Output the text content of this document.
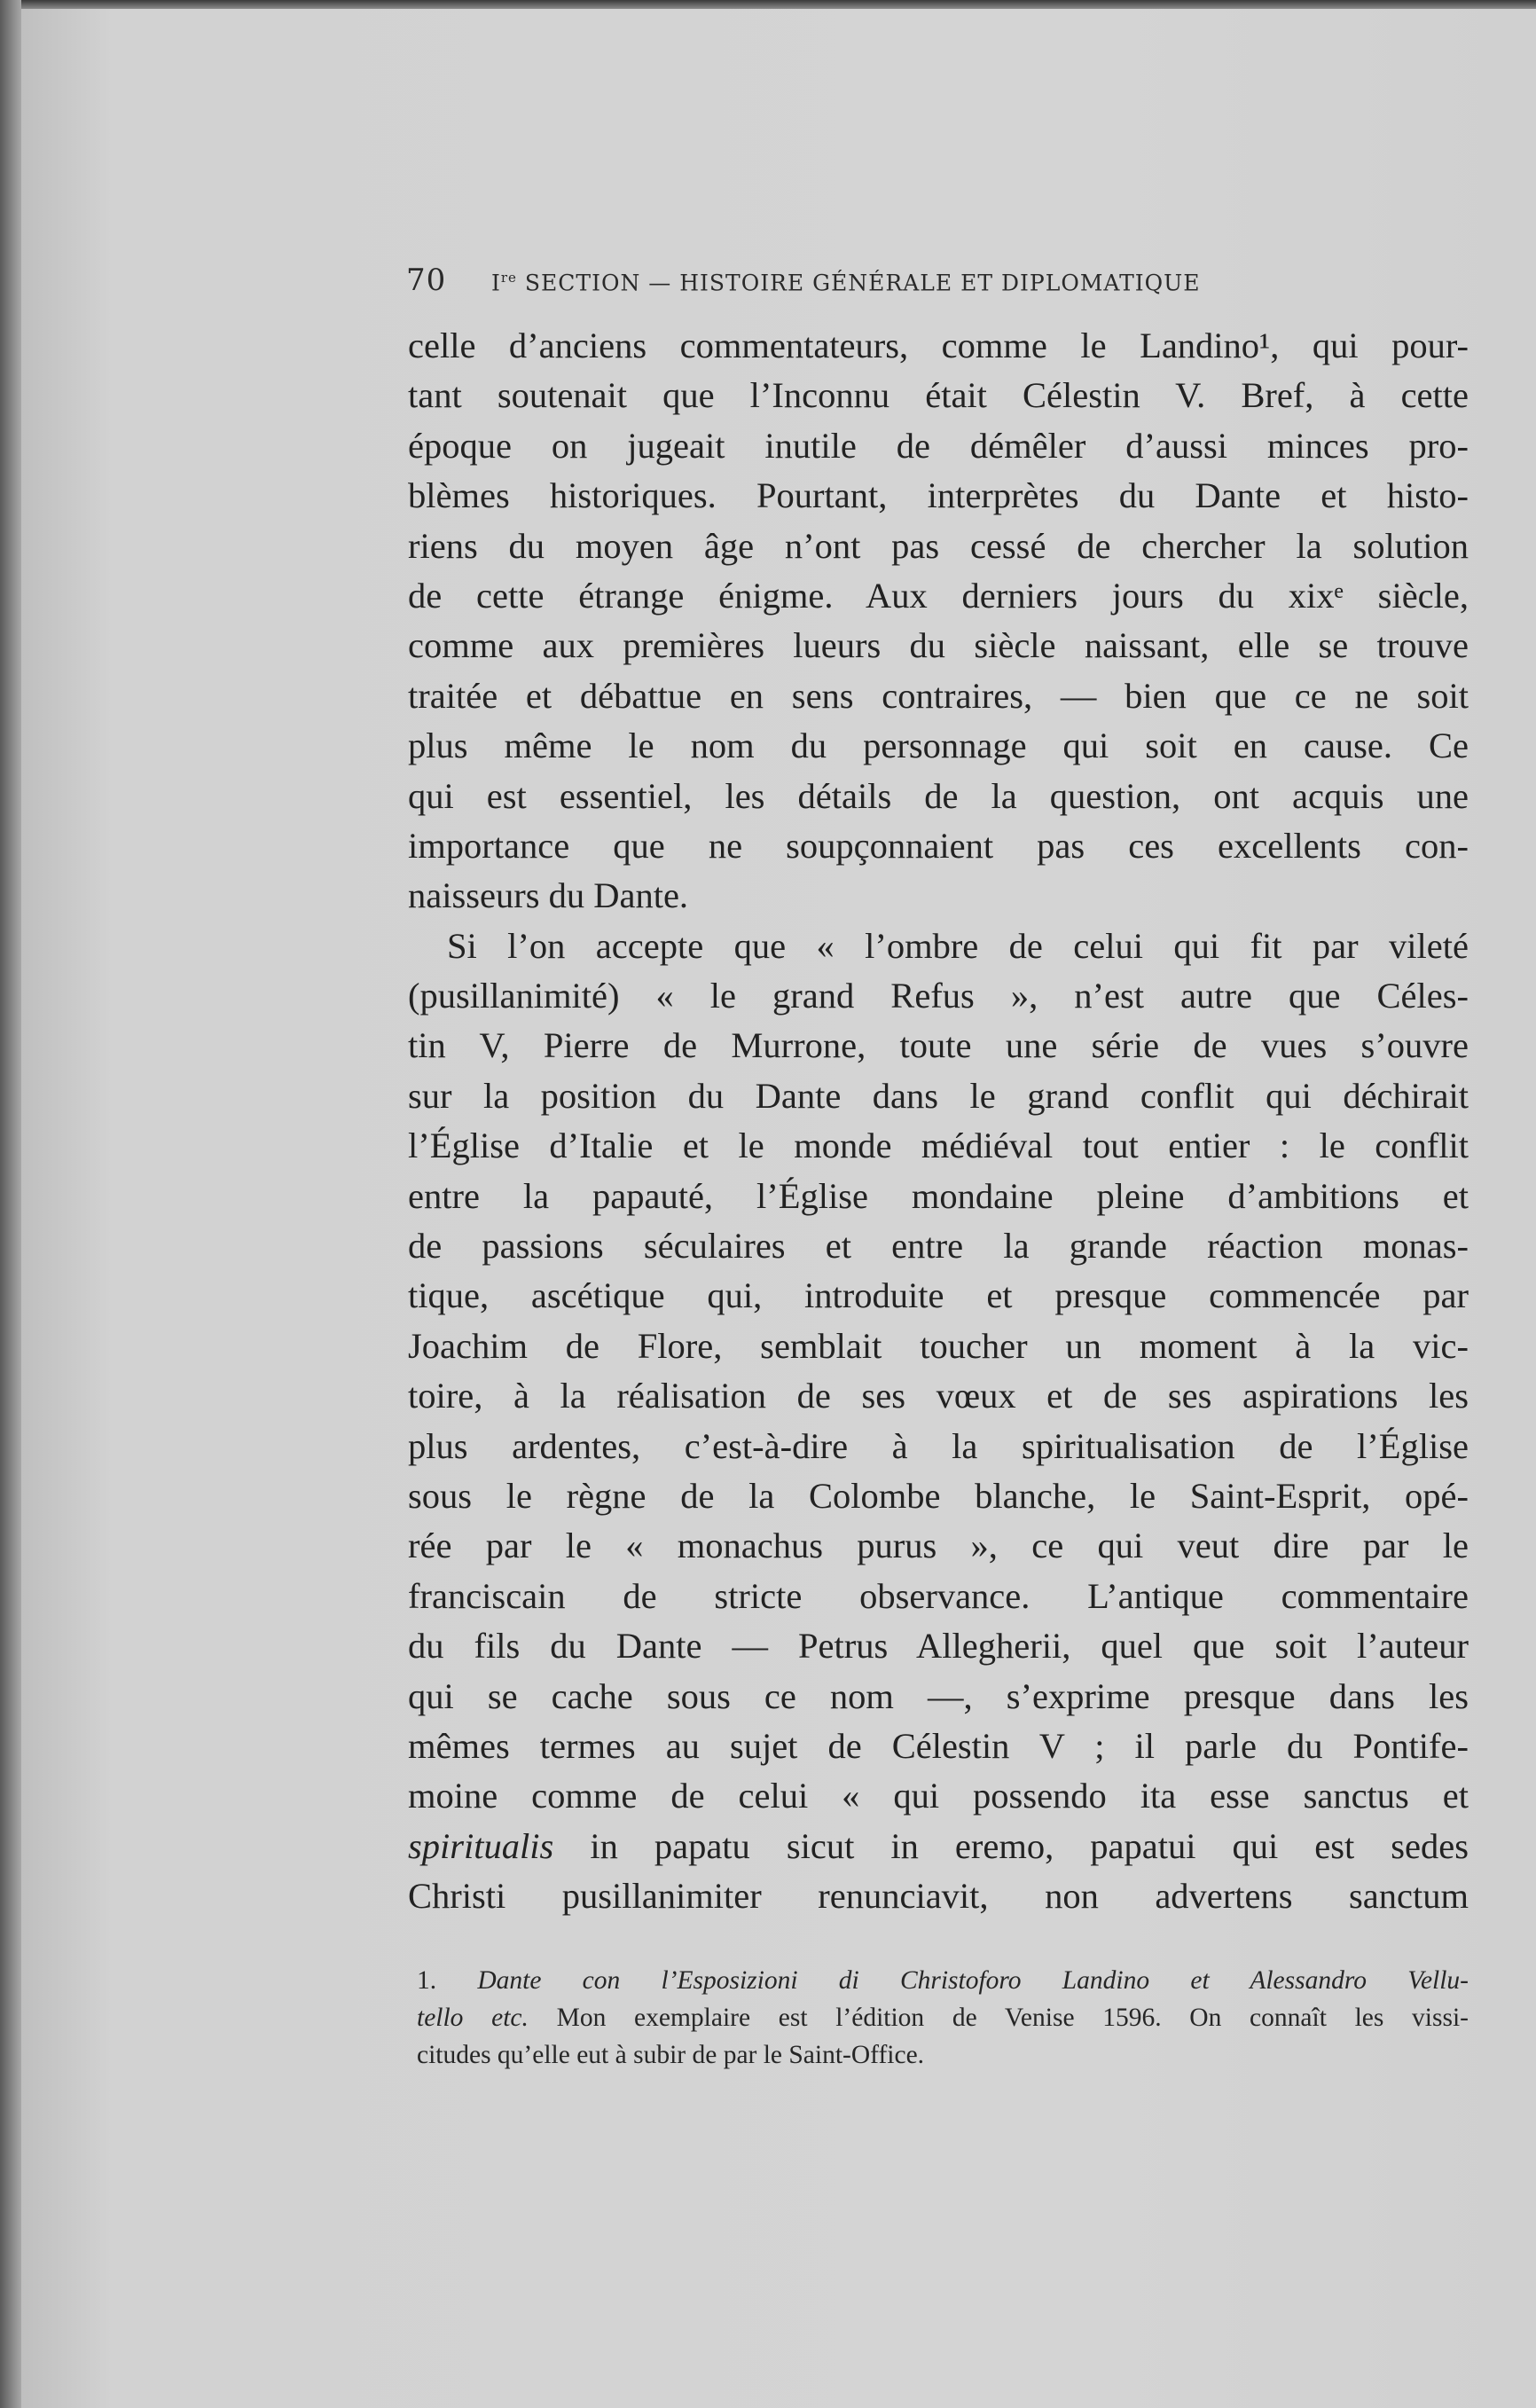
70	Ire SECTION — HISTOIRE GÉNÉRALE ET DIPLOMATIQUE
celle d’anciens commentateurs, comme le Landino¹, qui pour-
tant soutenait que l’Inconnu était Célestin V. Bref, à cette
époque on jugeait inutile de démêler d’aussi minces pro-
blèmes historiques. Pourtant, interprètes du Dante et histo-
riens du moyen âge n’ont pas cessé de chercher la solution
de cette étrange énigme. Aux derniers jours du xixᵉ siècle,
comme aux premières lueurs du siècle naissant, elle se trouve
traitée et débattue en sens contraires, — bien que ce ne soit
plus même le nom du personnage qui soit en cause. Ce
qui est essentiel, les détails de la question, ont acquis une
importance que ne soupçonnaient pas ces excellents con-
naisseurs du Dante.
Si l’on accepte que « l’ombre de celui qui fit par vileté
(pusillanimité) « le grand Refus », n’est autre que Céles-
tin V, Pierre de Murrone, toute une série de vues s’ouvre
sur la position du Dante dans le grand conflit qui déchirait
l’Église d’Italie et le monde médiéval tout entier : le conflit
entre la papauté, l’Église mondaine pleine d’ambitions et
de passions séculaires et entre la grande réaction monas-
tique, ascétique qui, introduite et presque commencée par
Joachim de Flore, semblait toucher un moment à la vic-
toire, à la réalisation de ses vœux et de ses aspirations les
plus ardentes, c’est-à-dire à la spiritualisation de l’Église
sous le règne de la Colombe blanche, le Saint-Esprit, opé-
rée par le « monachus purus », ce qui veut dire par le
franciscain de stricte observance. L’antique commentaire
du fils du Dante — Petrus Allegherii, quel que soit l’auteur
qui se cache sous ce nom —, s’exprime presque dans les
mêmes termes au sujet de Célestin V ; il parle du Pontife-
moine comme de celui « qui possendo ita esse sanctus et
spiritualis in papatu sicut in eremo, papatui qui est sedes
Christi pusillanimiter renunciavit, non advertens sanctum
1. Dante con l’Esposizioni di Christoforo Landino et Alessandro Vellu-
tello etc. Mon exemplaire est l’édition de Venise 1596. On connaît les vissi-
citudes qu’elle eut à subir de par le Saint-Office.
